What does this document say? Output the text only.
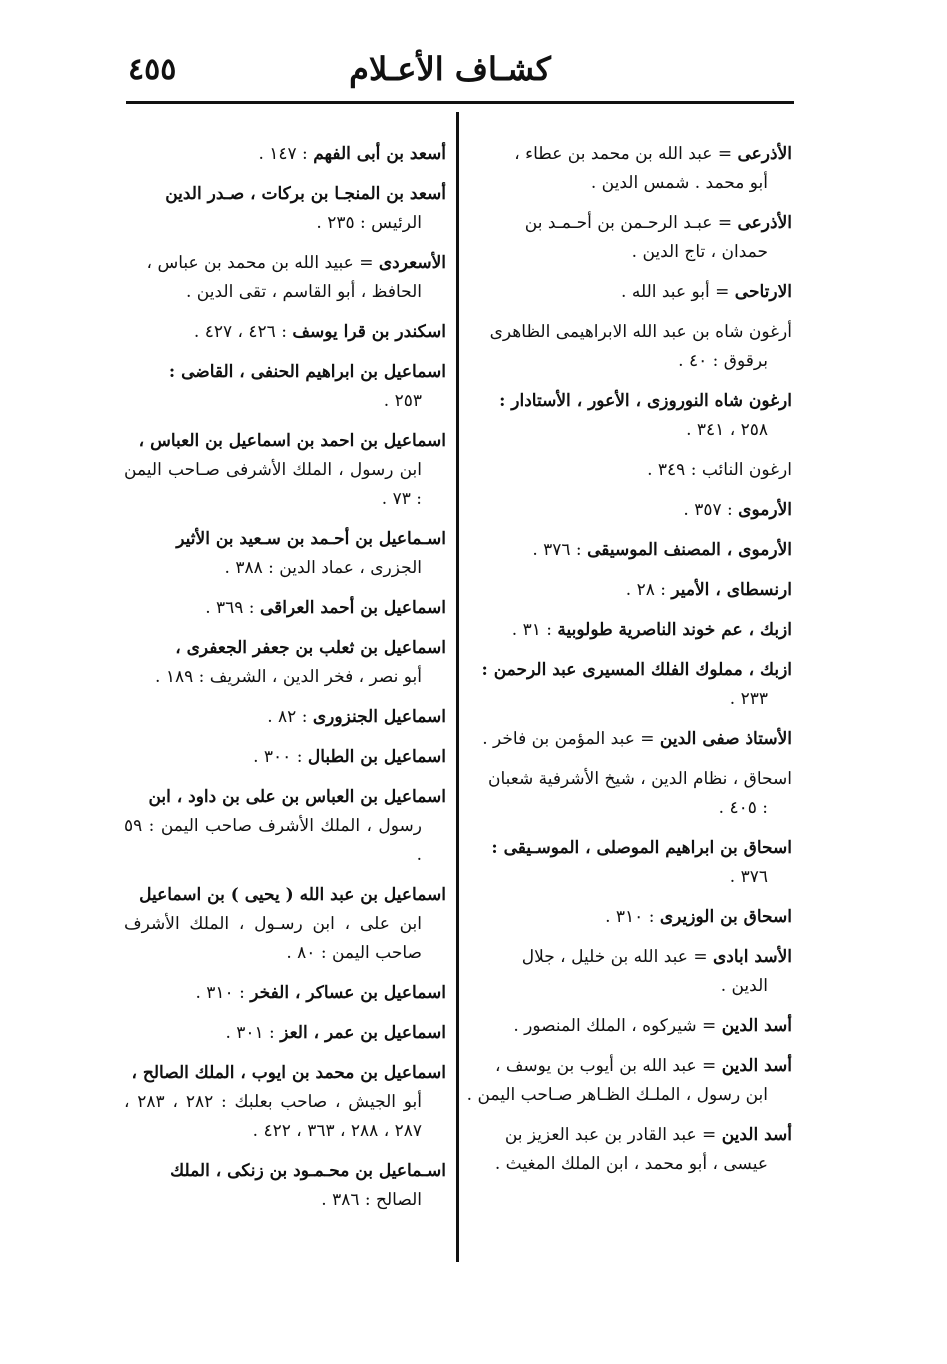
٤٥٥	كشـاف الأعـلام
الأذرعى = عبد الله بن محمد بن عطاء ،
أبو محمد . شمس الدين .
الأذرعى = عبـد الرحـمن بن أحـمـد بن
حمدان ، تاج الدين .
الارتاحى = أبو عبد الله .
أرغون شاه بن عبد الله الابراهيمى الظاهرى
برقوق : ٤٠ .
ارغون شاه النوروزى ، الأعور ، الأستادار :
٢٥٨ ، ٣٤١ .
ارغون النائب : ٣٤٩ .
الأرموى : ٣٥٧ .
الأرموى ، المصنف الموسيقى : ٣٧٦ .
ارنسطاى ، الأمير : ٢٨ .
ازبك ، عم خوند الناصرية طولوبية : ٣١ .
ازبك ، مملوك الفلك المسيرى عبد الرحمن :
٢٣٣ .
الأستاذ صفى الدين = عبد المؤمن بن فاخر .
اسحاق ، نظام الدين ، شيخ الأشرفية شعبان
: ٤٠٥ .
اسحاق بن ابراهيم الموصلى ، الموسـيقى :
٣٧٦ .
اسحاق بن الوزيرى : ٣١٠ .
الأسد ابادى = عبد الله بن خليل ، جلال
الدين .
أسد الدين = شيركوه ، الملك المنصور .
أسد الدين = عبد الله بن أيوب بن يوسف ،
ابن رسول ، الملـك الظـاهر صـاحب اليمن .
أسد الدين = عبد القادر بن عبد العزيز بن
عيسى ، أبو محمد ، ابن الملك المغيث .
أسعد بن أبى الفهم : ١٤٧ .
أسعد بن المنجـا بن بركات ، صـدر الدين
الرئيس : ٢٣٥ .
الأسعردى = عبيد الله بن محمد بن عباس ،
الحافظ ، أبو القاسم ، تقى الدين .
اسكندر بن قرا يوسف : ٤٢٦ ، ٤٢٧ .
اسماعيل بن ابراهيم الحنفى ، القاضى :
٢٥٣ .
اسماعيل بن احمد بن اسماعيل بن العباس ،
ابن رسول ، الملك الأشرفى صـاحب اليمن : ٧٣ .
اسـماعيل بن أحـمد بن سـعيد بن الأثير
الجزرى ، عماد الدين : ٣٨٨ .
اسماعيل بن أحمد العراقى : ٣٦٩ .
اسماعيل بن ثعلب بن جعفر الجعفرى ،
أبو نصر ، فخر الدين ، الشريف : ١٨٩ .
اسماعيل الجنزورى : ٨٢ .
اسماعيل بن الطبال : ٣٠٠ .
اسماعيل بن العباس بن على بن داود ، ابن
رسول ، الملك الأشرف صاحب اليمن : ٥٩ .
اسماعيل بن عبد الله ( يحيى ) بن اسماعيل
ابن على ، ابن رسـول ، الملك الأشرف صاحب اليمن : ٨٠ .
اسماعيل بن عساكر ، الفخر : ٣١٠ .
اسماعيل بن عمر ، العز : ٣٠١ .
اسماعيل بن محمد بن ايوب ، الملك الصالح ،
أبو الجيش ، صاحب بعلبك : ٢٨٢ ، ٢٨٣ ، ٢٨٧ ، ٢٨٨ ، ٣٦٣ ، ٤٢٢ .
اسـماعيل بن محـمـود بن زنكى ، الملك
الصالح : ٣٨٦ .
